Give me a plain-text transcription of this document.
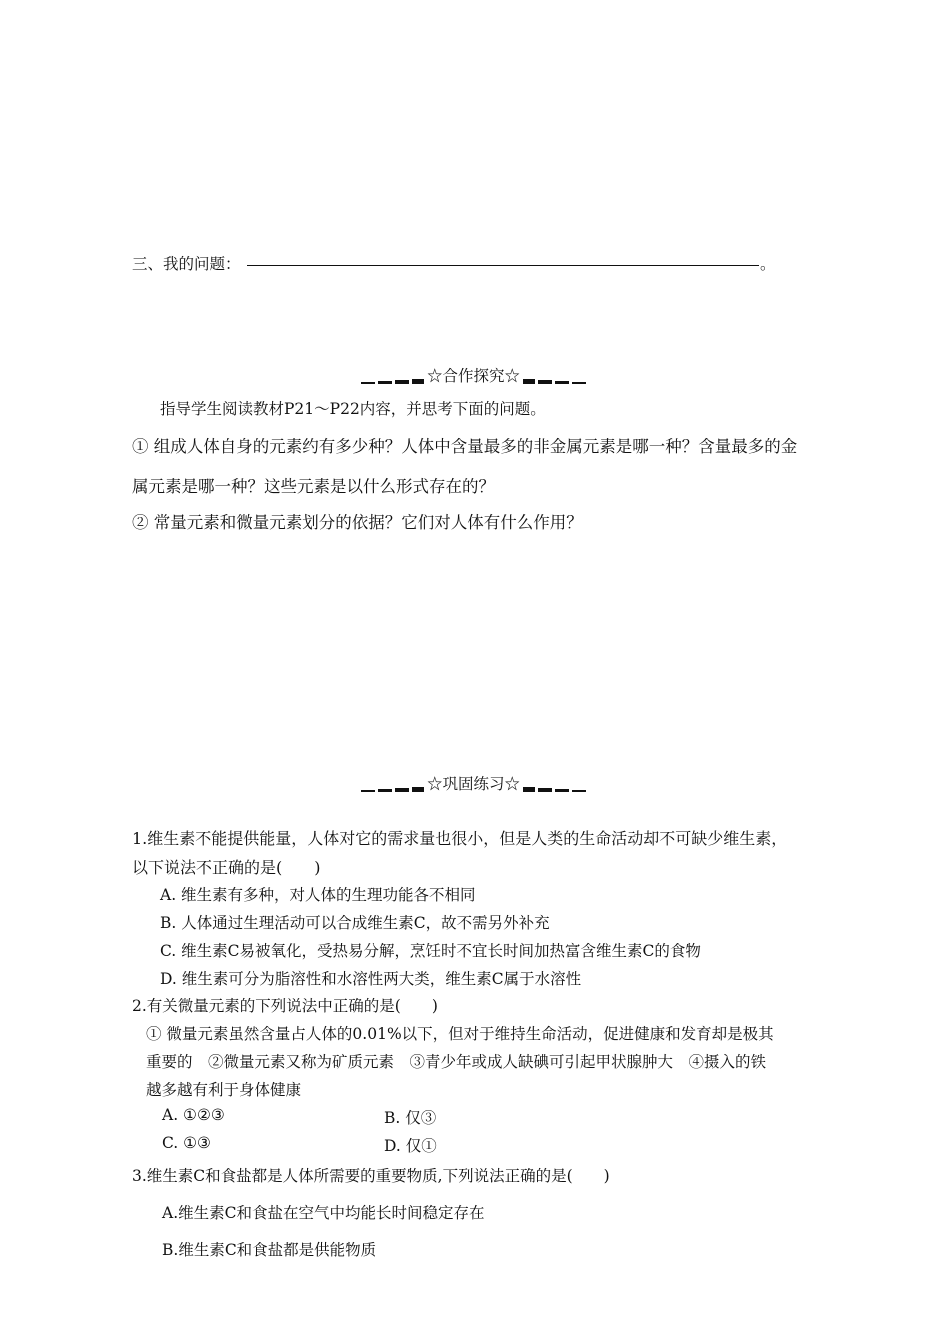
三、我的问题：	。
☆合作探究☆
指导学生阅读教材P21～P22内容，并思考下面的问题。
① 组成人体自身的元素约有多少种？人体中含量最多的非金属元素是哪一种？含量最多的金
属元素是哪一种？这些元素是以什么形式存在的？
② 常量元素和微量元素划分的依据？它们对人体有什么作用？
☆巩固练习☆
1.维生素不能提供能量，人体对它的需求量也很小，但是人类的生命活动却不可缺少维生素，
以下说法不正确的是(　　)
A. 维生素有多种，对人体的生理功能各不相同
B. 人体通过生理活动可以合成维生素C，故不需另外补充
C. 维生素C易被氧化，受热易分解，烹饪时不宜长时间加热富含维生素C的食物
D. 维生素可分为脂溶性和水溶性两大类，维生素C属于水溶性
2.有关微量元素的下列说法中正确的是(　　)
① 微量元素虽然含量占人体的0.01%以下，但对于维持生命活动，促进健康和发育却是极其
重要的　②微量元素又称为矿质元素　③青少年或成人缺碘可引起甲状腺肿大　④摄入的铁
越多越有利于身体健康
A. ①②③	B. 仅③
C. ①③	D. 仅①
3.维生素C和食盐都是人体所需要的重要物质,下列说法正确的是(　　)
A.维生素C和食盐在空气中均能长时间稳定存在
B.维生素C和食盐都是供能物质
